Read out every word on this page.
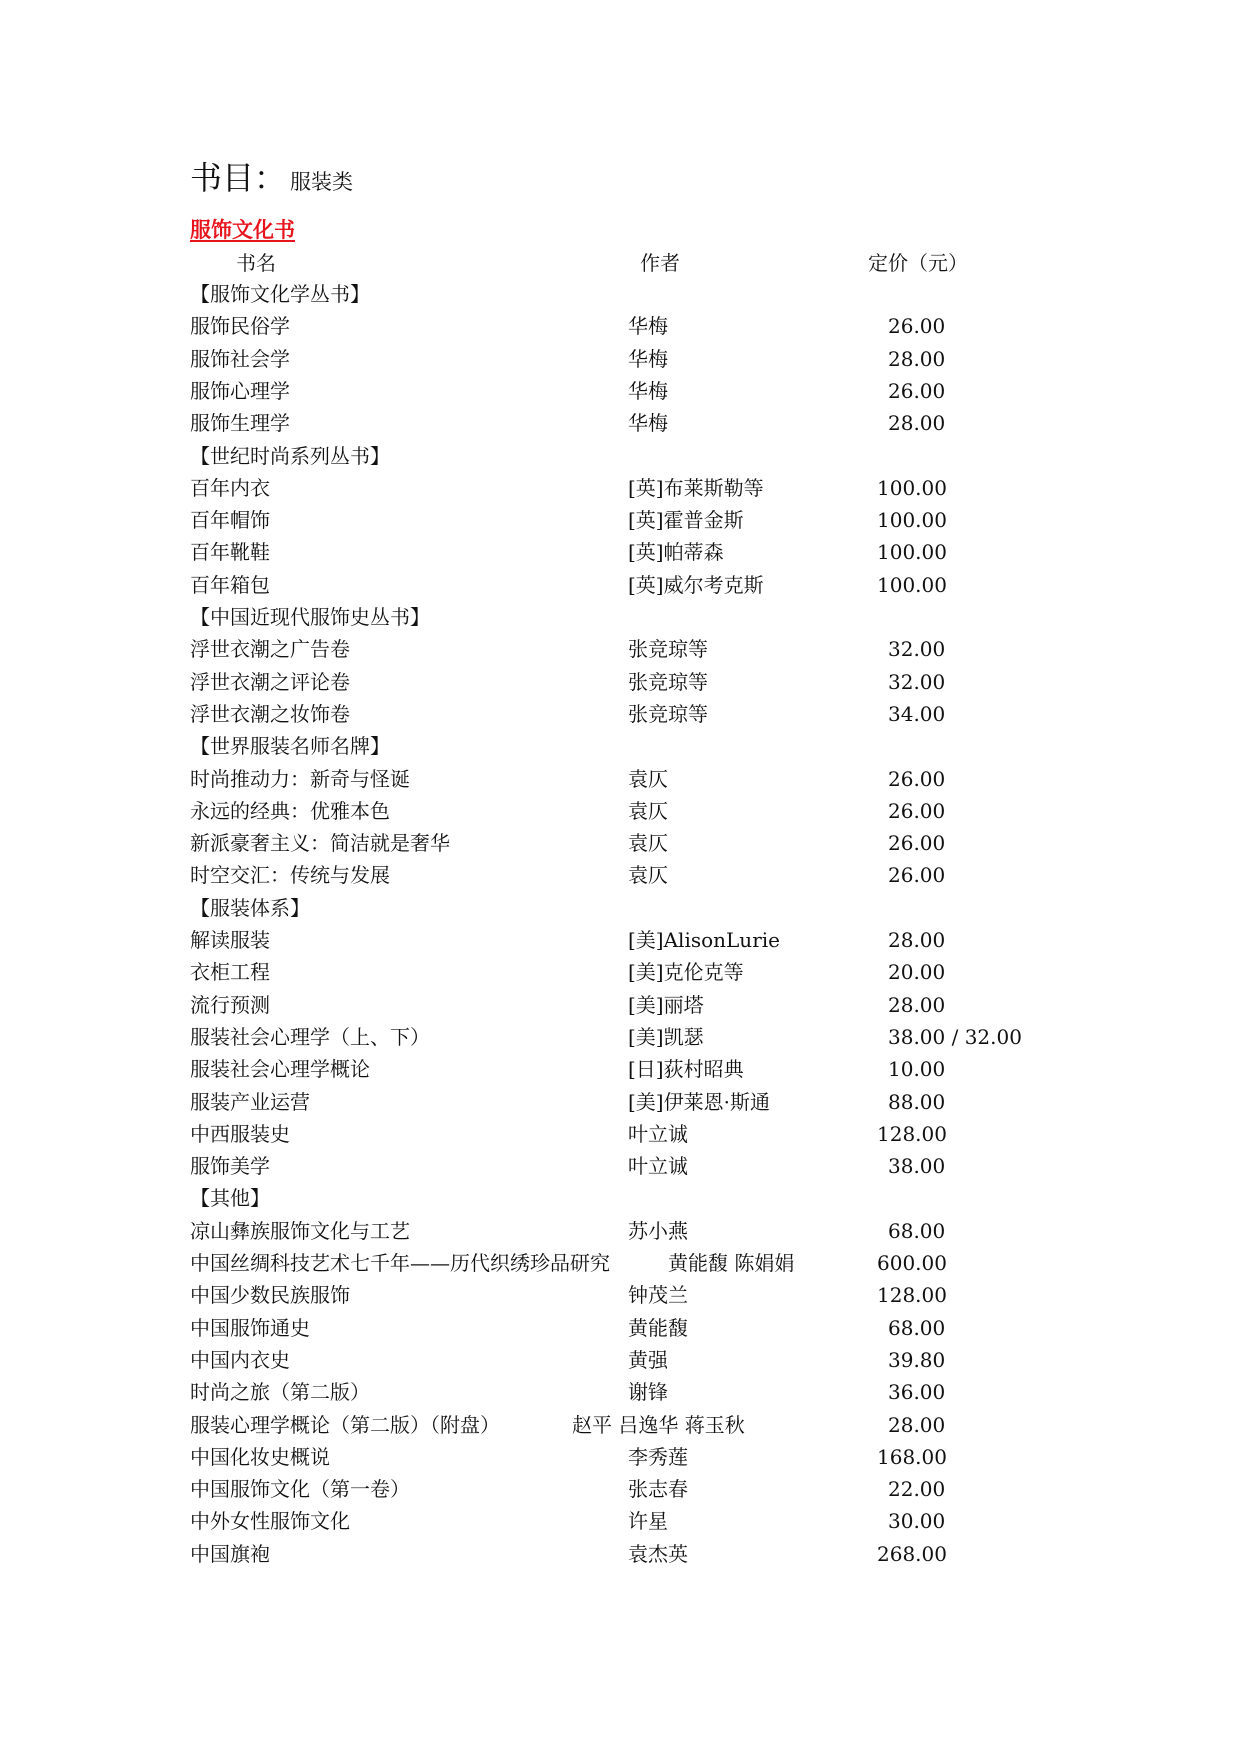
书目： 服装类
服饰文化书
书名	作者	定价（元）
【服饰文化学丛书】
服饰民俗学	华梅	26.00
服饰社会学	华梅	28.00
服饰心理学	华梅	26.00
服饰生理学	华梅	28.00
【世纪时尚系列丛书】
百年内衣	[英]布莱斯勒等	100.00
百年帽饰	[英]霍普金斯	100.00
百年靴鞋	[英]帕蒂森	100.00
百年箱包	[英]威尔考克斯	100.00
【中国近现代服饰史丛书】
浮世衣潮之广告卷	张竞琼等	32.00
浮世衣潮之评论卷	张竞琼等	32.00
浮世衣潮之妆饰卷	张竞琼等	34.00
【世界服装名师名牌】
时尚推动力：新奇与怪诞	袁仄	26.00
永远的经典：优雅本色	袁仄	26.00
新派豪奢主义：简洁就是奢华	袁仄	26.00
时空交汇：传统与发展	袁仄	26.00
【服装体系】
解读服装	[美]AlisonLurie	28.00
衣柜工程	[美]克伦克等	20.00
流行预测	[美]丽塔	28.00
服装社会心理学（上、下）	[美]凯瑟	38.00 / 32.00
服装社会心理学概论	[日]荻村昭典	10.00
服装产业运营	[美]伊莱恩·斯通	88.00
中西服装史	叶立诚	128.00
服饰美学	叶立诚	38.00
【其他】
凉山彝族服饰文化与工艺	苏小燕	68.00
中国丝绸科技艺术七千年——历代织绣珍品研究	黄能馥 陈娟娟	600.00
中国少数民族服饰	钟茂兰	128.00
中国服饰通史	黄能馥	68.00
中国内衣史	黄强	39.80
时尚之旅（第二版）	谢锋	36.00
服装心理学概论（第二版）（附盘）	赵平 吕逸华 蒋玉秋	28.00
中国化妆史概说	李秀莲	168.00
中国服饰文化（第一卷）	张志春	22.00
中外女性服饰文化	许星	30.00
中国旗袍	袁杰英	268.00
